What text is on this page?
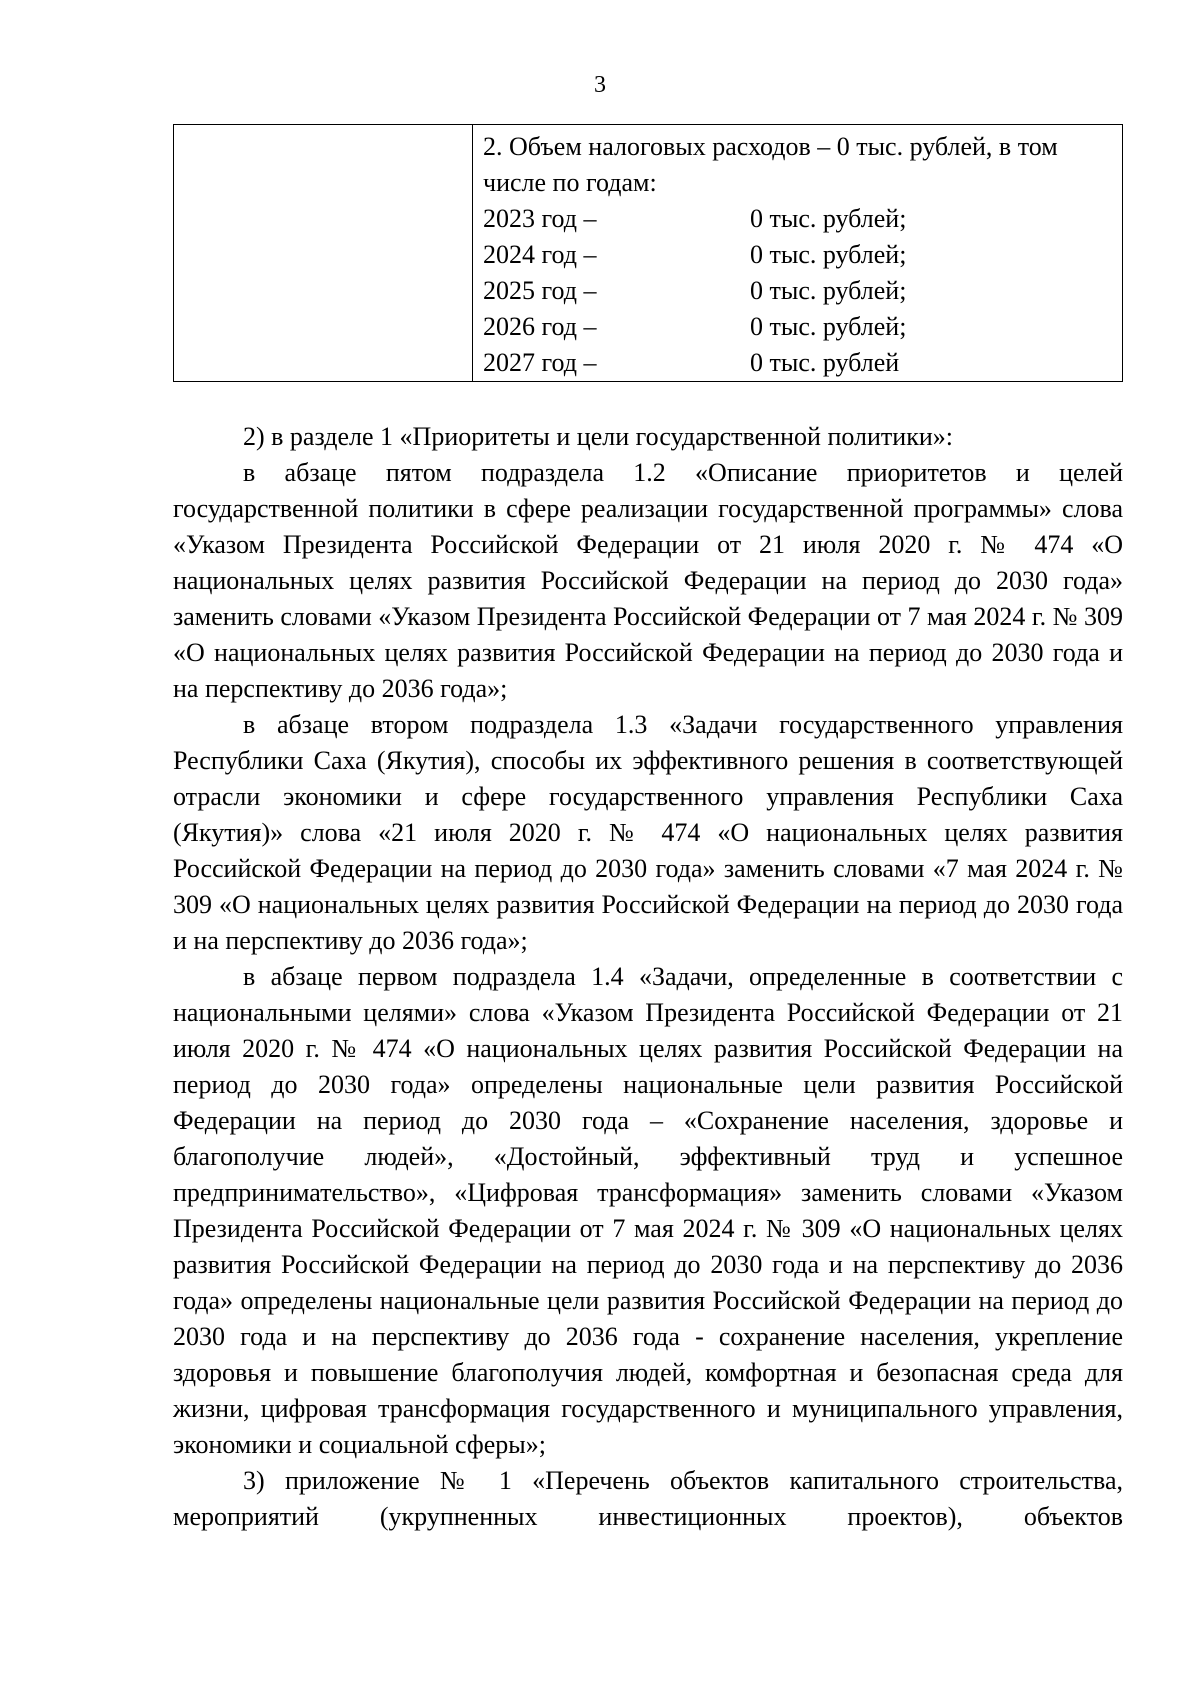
3

2. Объем налоговых расходов – 0 тыс. рублей, в том числе по годам:
2023 год –	0 тыс. рублей;
2024 год –	0 тыс. рублей;
2025 год –	0 тыс. рублей;
2026 год –	0 тыс. рублей;
2027 год –	0 тыс. рублей

2) в разделе 1 «Приоритеты и цели государственной политики»:

в абзаце пятом подраздела 1.2 «Описание приоритетов и целей государственной политики в сфере реализации государственной программы» слова «Указом Президента Российской Федерации от 21 июля 2020 г. № 474 «О национальных целях развития Российской Федерации на период до 2030 года» заменить словами «Указом Президента Российской Федерации от 7 мая 2024 г. № 309 «О национальных целях развития Российской Федерации на период до 2030 года и на перспективу до 2036 года»;

в абзаце втором подраздела 1.3 «Задачи государственного управления Республики Саха (Якутия), способы их эффективного решения в соответствующей отрасли экономики и сфере государственного управления Республики Саха (Якутия)» слова «21 июля 2020 г. № 474 «О национальных целях развития Российской Федерации на период до 2030 года» заменить словами «7 мая 2024 г. № 309 «О национальных целях развития Российской Федерации на период до 2030 года и на перспективу до 2036 года»;

в абзаце первом подраздела 1.4 «Задачи, определенные в соответствии с национальными целями» слова «Указом Президента Российской Федерации от 21 июля 2020 г. № 474 «О национальных целях развития Российской Федерации на период до 2030 года» определены национальные цели развития Российской Федерации на период до 2030 года – «Сохранение населения, здоровье и благополучие людей», «Достойный, эффективный труд и успешное предпринимательство», «Цифровая трансформация» заменить словами «Указом Президента Российской Федерации от 7 мая 2024 г. № 309 «О национальных целях развития Российской Федерации на период до 2030 года и на перспективу до 2036 года» определены национальные цели развития Российской Федерации на период до 2030 года и на перспективу до 2036 года - сохранение населения, укрепление здоровья и повышение благополучия людей, комфортная и безопасная среда для жизни, цифровая трансформация государственного и муниципального управления, экономики и социальной сферы»;

3) приложение № 1 «Перечень объектов капитального строительства, мероприятий (укрупненных инвестиционных проектов), объектов
